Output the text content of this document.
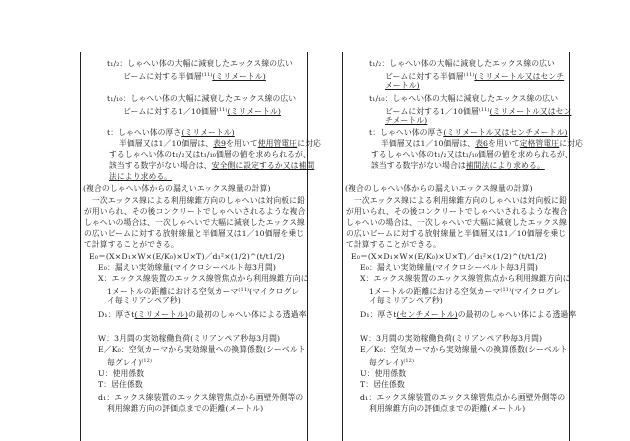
t₁/₂：しゃへい体の大幅に減衰したエックス線の広い
ビームに対する半価層$^{(11)}$(ミリメートル)
t₁/₁₀：しゃへい体の大幅に減衰したエックス線の広い
ビームに対する1／10価層$^{(11)}$(ミリメートル)
t：しゃへい体の厚さ(ミリメートル)
半価層又は1／10価層は、表9を用いて使用管電圧に対応
するしゃへい体のt₁/₂又はt₁/₁₀価層の値を求められるが、
該当する数字がない場合は、安全側に設定するか又は補間
法により求める。
(複合のしゃへい体からの漏えいエックス線量の計算)
一次エックス線による利用線錐方向のしゃへいは対向板に鉛
が用いられ、その後コンクリートでしゃへいされるような複合
しゃへいの場合は、一次しゃへいで大幅に減衰したエックス線
の広いビームに対する放射線量と半価層又は1／10価層を乗じ
て計算することができる。
E₀＝(X×D₁×W×(E/K₀)×U×T)／d₁²×(1/2)^(t/t1/2)
E₀：漏えい実効線量(マイクロシーベルト毎3月間)
X：エックス線装置のエックス線管焦点から利用線錐方向に
1メートルの距離における空気カーマ$^{(11)}$(マイクログレ
イ毎ミリアンペア秒)
D₁：厚さt(ミリメートル)の最初のしゃへい体による透過率
W：3月間の実効稼働負荷(ミリアンペア秒毎3月間)
E／K₀：空気カーマから実効線量への換算係数(シーベルト
毎グレイ)$^{(12)}$
U：使用係数
T：居住係数
d₁：エックス線装置のエックス線管焦点から画壁外側等の
利用線錐方向の評価点までの距離(メートル)
t₁/₂：しゃへい体の大幅に減衰したエックス線の広い
ビームに対する半価層$^{(11)}$(ミリメートル又はセンチ
メートル)
t₁/₁₀：しゃへい体の大幅に減衰したエックス線の広い
ビームに対する1／10価層$^{(11)}$(ミリメートル又はセン
チメートル)
t：しゃへい体の厚さ(ミリメートル又はセンチメートル)
半価層又は1／10価層は、表6を用いて定格管電圧に対応
するしゃへい体のt₁/₂又はt₁/₁₀価層の値を求められるが、
該当する数字がない場合は補間法により求める。
(複合のしゃへい体からの漏えいエックス線量の計算)
一次エックス線による利用線錐方向のしゃへいは対向板に鉛
が用いられ、その後コンクリートでしゃへいされるような複合
しゃへいの場合は、一次しゃへいで大幅に減衰したエックス線
の広いビームに対する放射線量と半価層又は1／10価層を乗じ
て計算することができる。
E₀＝(X×D₁×W×(E/K₀)×U×T)／d₁²×(1/2)^(t/t1/2)
E₀：漏えい実効線量(マイクロシーベルト毎3月間)
X：エックス線装置のエックス線管焦点から利用線錐方向に
1メートルの距離における空気カーマ$^{(11)}$(マイクログレ
イ毎ミリアンペア秒)
D₁：厚さt(センチメートル)の最初のしゃへい体による透過率
W：3月間の実効稼働負荷(ミリアンペア秒毎3月間)
E／K₀：空気カーマから実効線量への換算係数(シーベルト
毎グレイ)$^{(12)}$
U：使用係数
T：居住係数
d₁：エックス線装置のエックス線管焦点から画壁外側等の
利用線錐方向の評価点までの距離(メートル)
